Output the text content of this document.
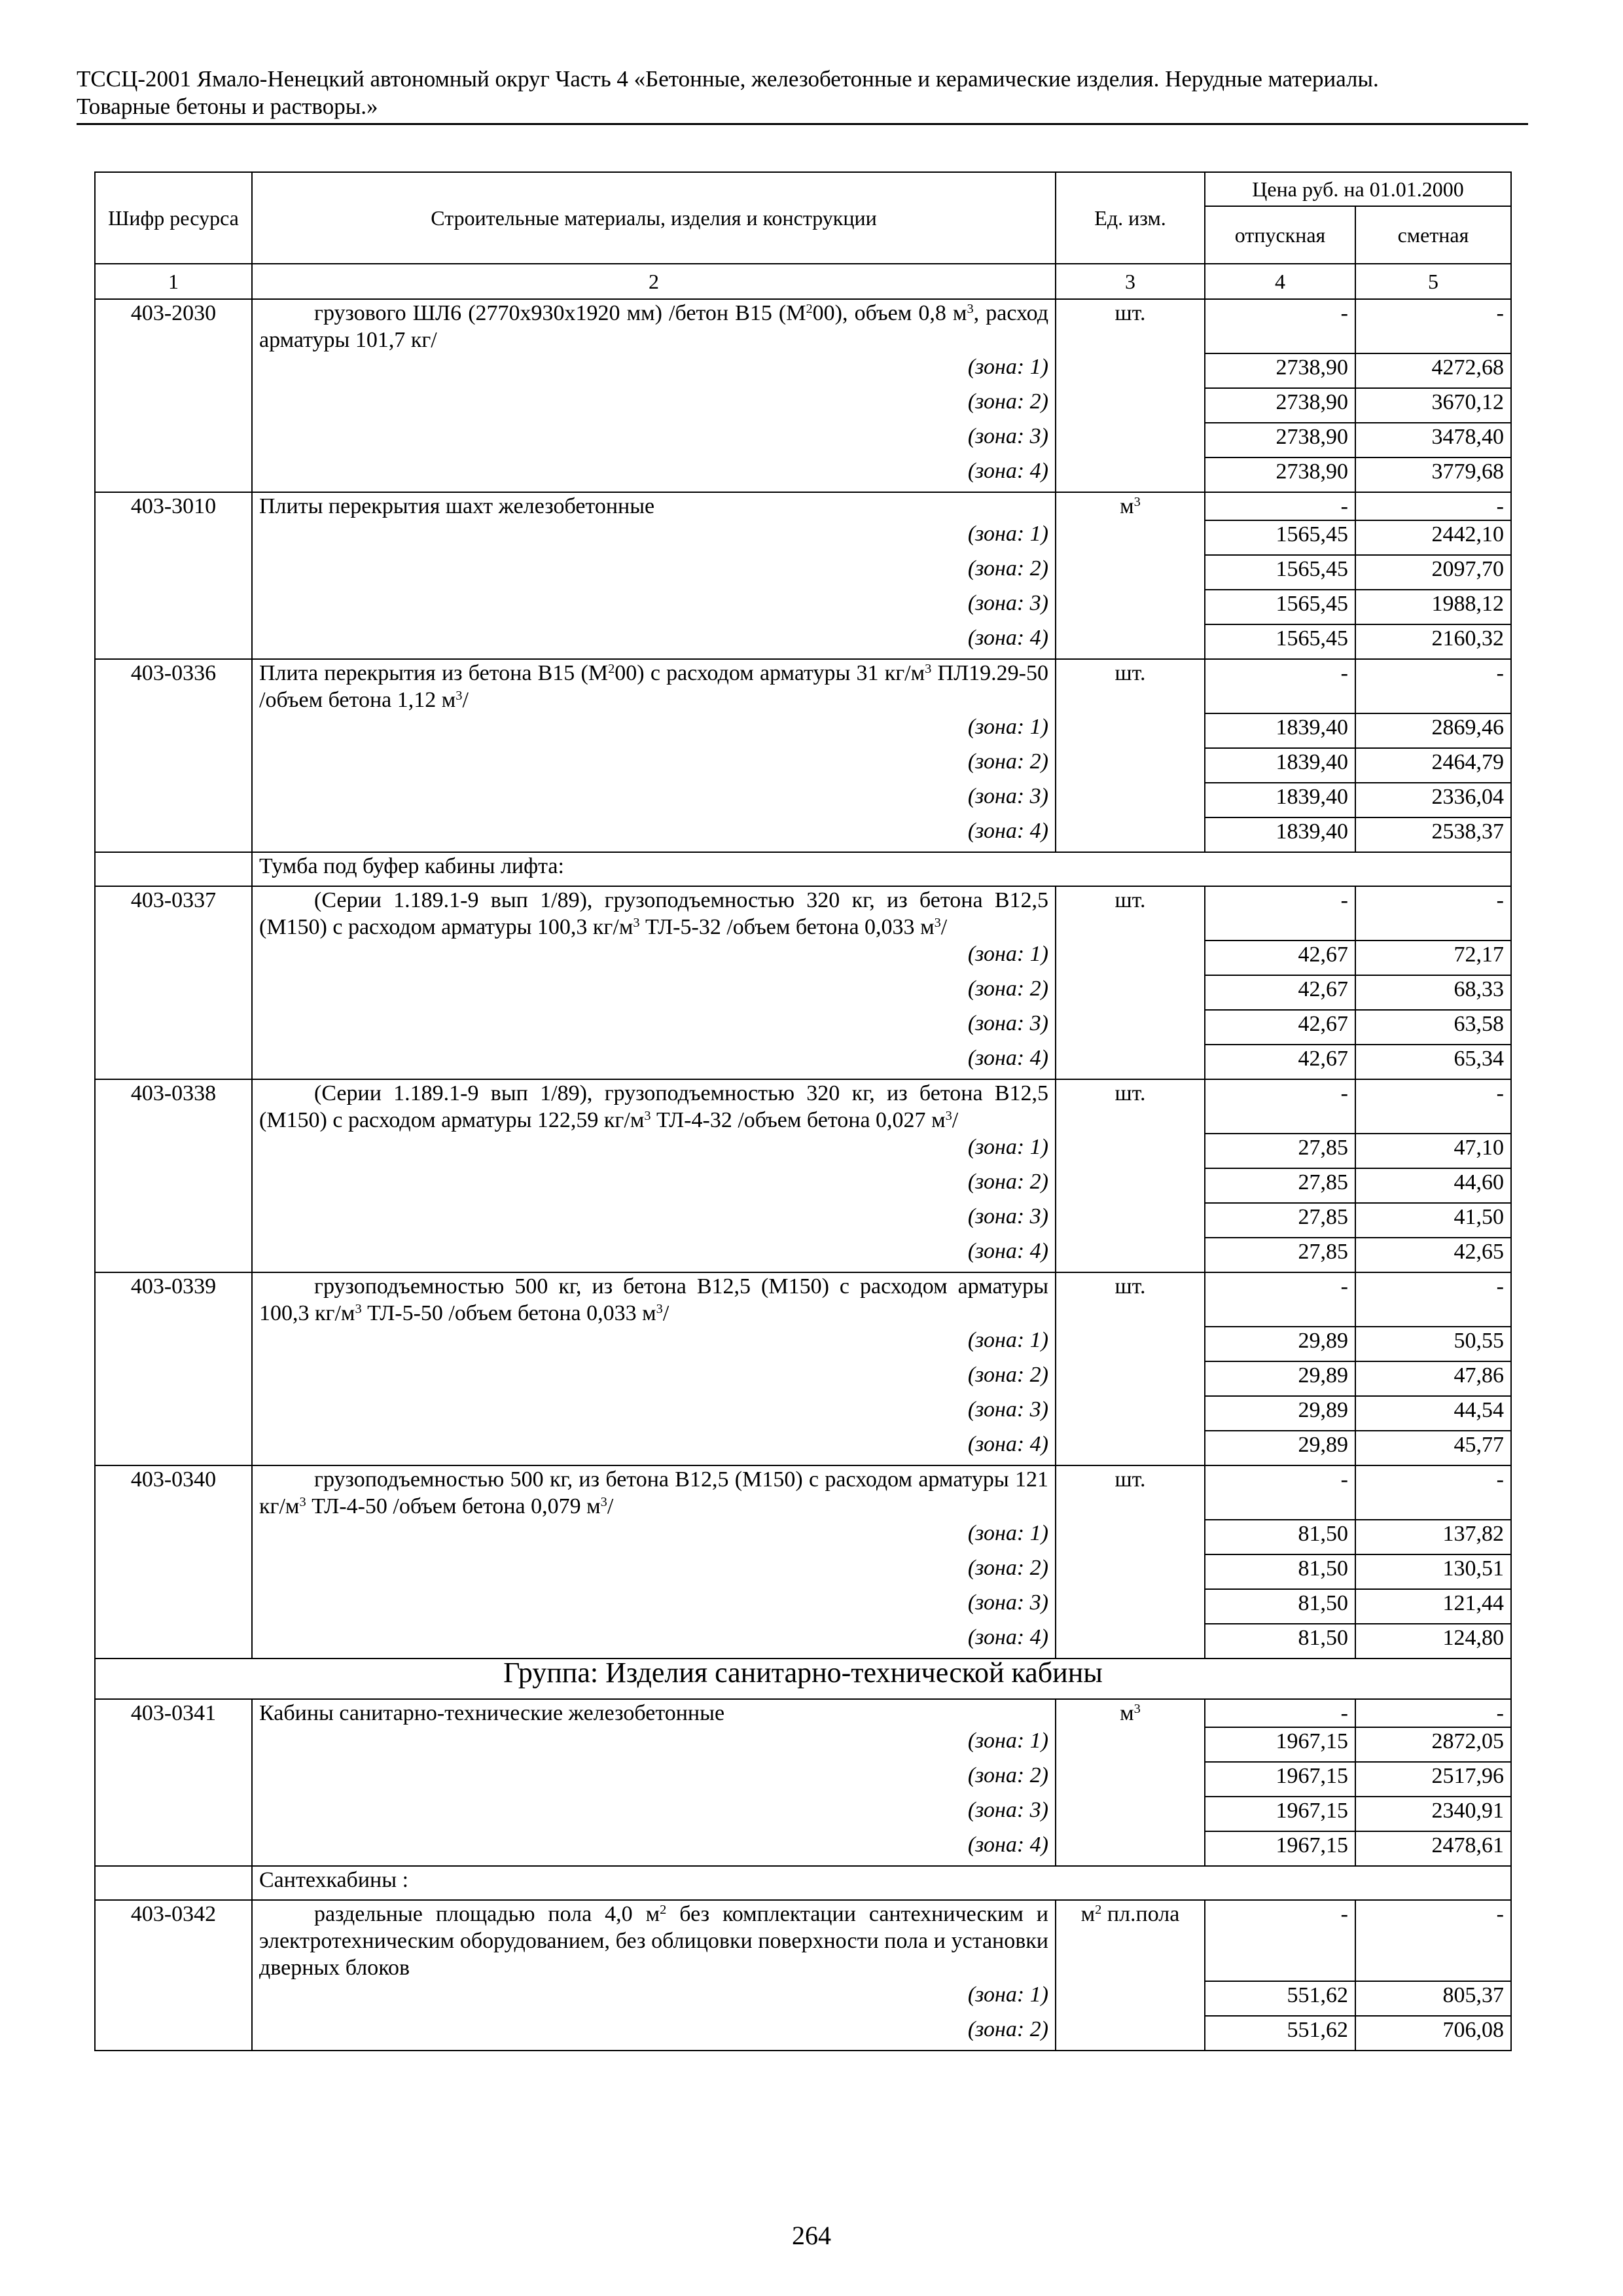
ТССЦ-2001 Ямало-Ненецкий автономный округ Часть 4 «Бетонные, железобетонные и керамические изделия. Нерудные материалы.
Товарные бетоны и растворы.»
Шифр ресурса	Строительные материалы, изделия и конструкции	Ед. изм.	Цена руб. на 01.01.2000	
			отпускная	сметная
1	2	3	4	5
403-2030	грузового ШЛ6 (2770х930х1920 мм) /бетон В15 $(М^200)$, объем 0,8 $м^3$, расход арматуры 101,7 кг/	шт.	-	-
	(зона: 1)		2738,90	4272,68
	(зона: 2)		2738,90	3670,12
	(зона: 3)		2738,90	3478,40
	(зона: 4)		2738,90	3779,68
403-3010	Плиты перекрытия шахт железобетонные	$м^3$	-	-
	(зона: 1)		1565,45	2442,10
	(зона: 2)		1565,45	2097,70
	(зона: 3)		1565,45	1988,12
	(зона: 4)		1565,45	2160,32
403-0336	Плита перекрытия из бетона В15 $(М^200)$ с расходом арматуры 31 $кг/м^3$ ПЛ19.29-50 /объем бетона 1,12 $м^3/$	шт.	-	-
	(зона: 1)		1839,40	2869,46
	(зона: 2)		1839,40	2464,79
	(зона: 3)		1839,40	2336,04
	(зона: 4)		1839,40	2538,37
	Тумба под буфер кабины лифта:			
403-0337	(Серии 1.189.1-9 вып 1/89), грузоподъемностью 320 кг, из бетона В12,5 (М150) с расходом арматуры 100,3 $кг/м^3$ ТЛ-5-32 /объем бетона 0,033 $м^3/$	шт.	-	-
	(зона: 1)		42,67	72,17
	(зона: 2)		42,67	68,33
	(зона: 3)		42,67	63,58
	(зона: 4)		42,67	65,34
403-0338	(Серии 1.189.1-9 вып 1/89), грузоподъемностью 320 кг, из бетона В12,5 (М150) с расходом арматуры 122,59 $кг/м^3$ ТЛ-4-32 /объем бетона 0,027 $м^3/$	шт.	-	-
	(зона: 1)		27,85	47,10
	(зона: 2)		27,85	44,60
	(зона: 3)		27,85	41,50
	(зона: 4)		27,85	42,65
403-0339	грузоподъемностью 500 кг, из бетона В12,5 (М150) с расходом арматуры 100,3 $кг/м^3$ ТЛ-5-50 /объем бетона 0,033 $м^3/$	шт.	-	-
	(зона: 1)		29,89	50,55
	(зона: 2)		29,89	47,86
	(зона: 3)		29,89	44,54
	(зона: 4)		29,89	45,77
403-0340	грузоподъемностью 500 кг, из бетона В12,5 (М150) с расходом арматуры 121 $кг/м^3$ ТЛ-4-50 /объем бетона 0,079 $м^3/$	шт.	-	-
	(зона: 1)		81,50	137,82
	(зона: 2)		81,50	130,51
	(зона: 3)		81,50	121,44
	(зона: 4)		81,50	124,80
Группа: Изделия санитарно-технической кабины				
403-0341	Кабины санитарно-технические железобетонные	$м^3$	-	-
	(зона: 1)		1967,15	2872,05
	(зона: 2)		1967,15	2517,96
	(зона: 3)		1967,15	2340,91
	(зона: 4)		1967,15	2478,61
	Сантехкабины :			
403-0342	раздельные площадью пола 4,0 $м^2$ без комплектации сантехническим и электротехническим оборудованием, без облицовки поверхности пола и установки дверных блоков	$м^2$ пл.пола	-	-
	(зона: 1)		551,62	805,37
	(зона: 2)		551,62	706,08
264
